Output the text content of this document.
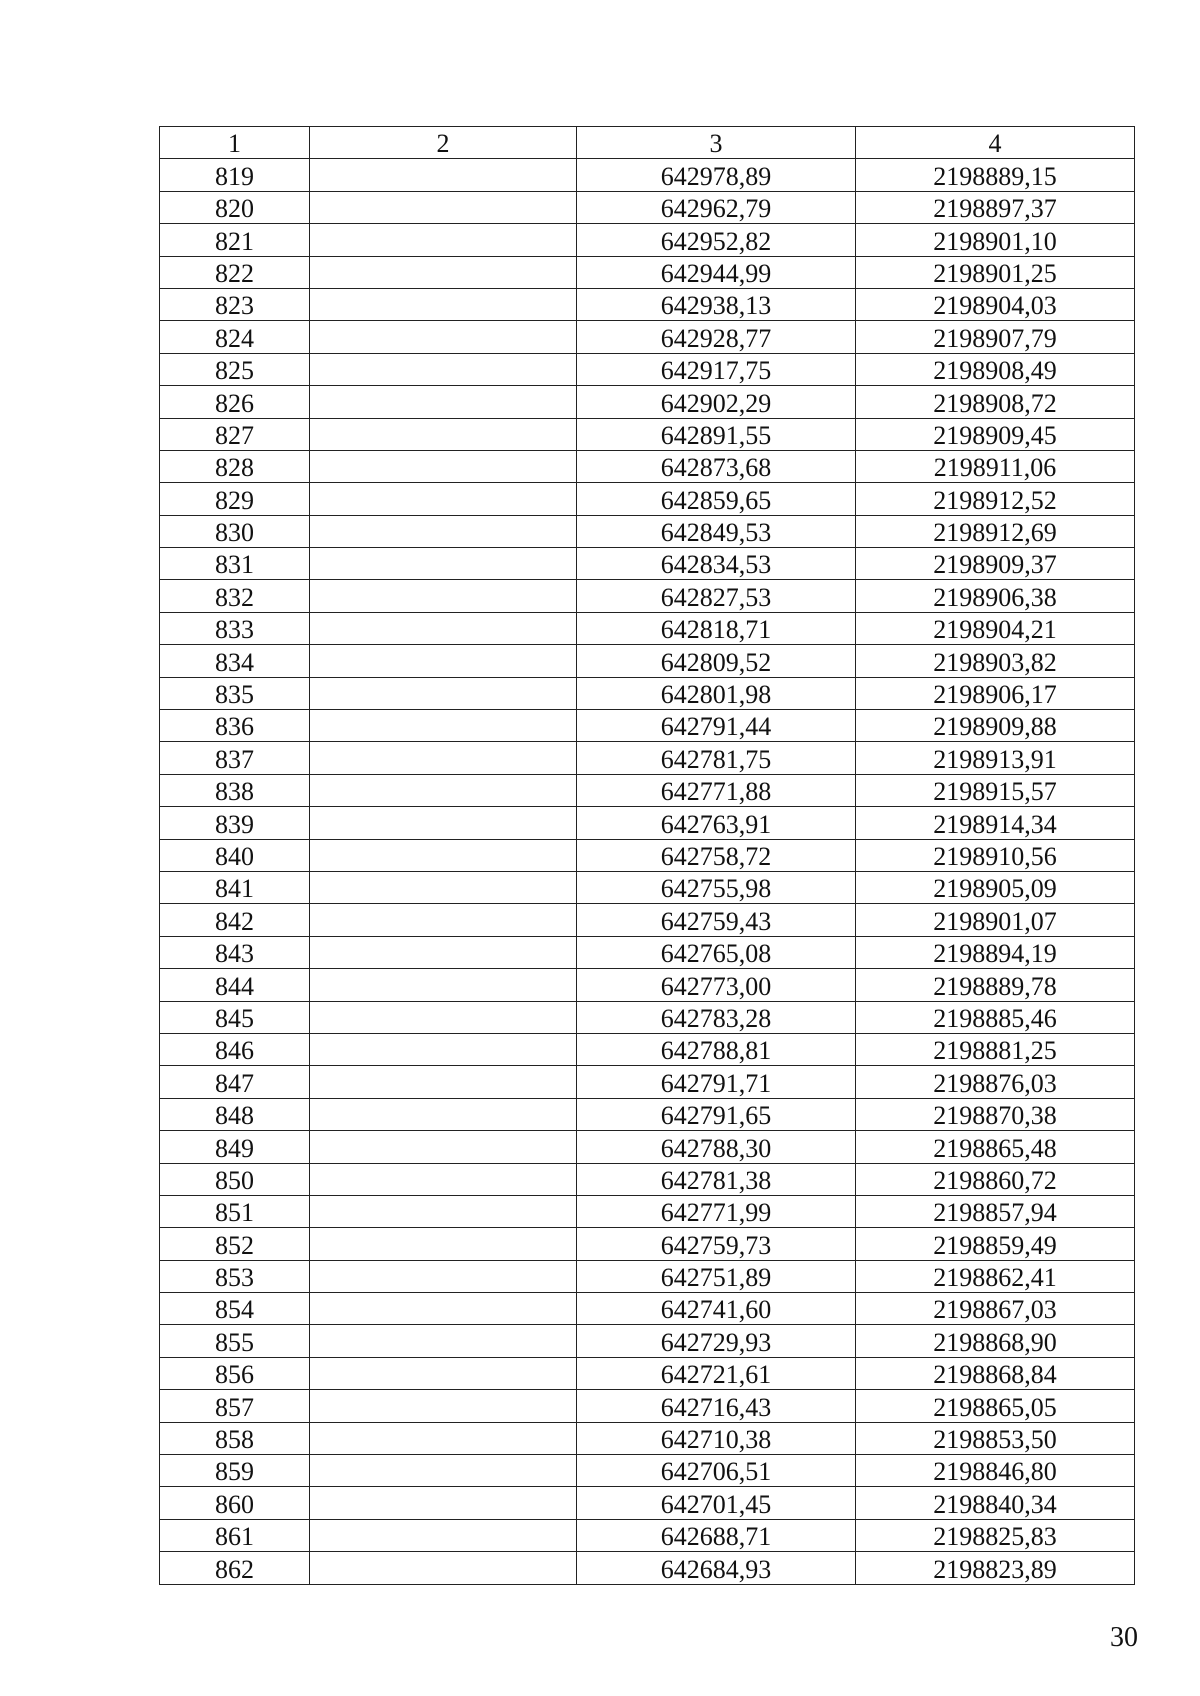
1	2	3	4
819		642978,89	2198889,15
820		642962,79	2198897,37
821		642952,82	2198901,10
822		642944,99	2198901,25
823		642938,13	2198904,03
824		642928,77	2198907,79
825		642917,75	2198908,49
826		642902,29	2198908,72
827		642891,55	2198909,45
828		642873,68	2198911,06
829		642859,65	2198912,52
830		642849,53	2198912,69
831		642834,53	2198909,37
832		642827,53	2198906,38
833		642818,71	2198904,21
834		642809,52	2198903,82
835		642801,98	2198906,17
836		642791,44	2198909,88
837		642781,75	2198913,91
838		642771,88	2198915,57
839		642763,91	2198914,34
840		642758,72	2198910,56
841		642755,98	2198905,09
842		642759,43	2198901,07
843		642765,08	2198894,19
844		642773,00	2198889,78
845		642783,28	2198885,46
846		642788,81	2198881,25
847		642791,71	2198876,03
848		642791,65	2198870,38
849		642788,30	2198865,48
850		642781,38	2198860,72
851		642771,99	2198857,94
852		642759,73	2198859,49
853		642751,89	2198862,41
854		642741,60	2198867,03
855		642729,93	2198868,90
856		642721,61	2198868,84
857		642716,43	2198865,05
858		642710,38	2198853,50
859		642706,51	2198846,80
860		642701,45	2198840,34
861		642688,71	2198825,83
862		642684,93	2198823,89
30
